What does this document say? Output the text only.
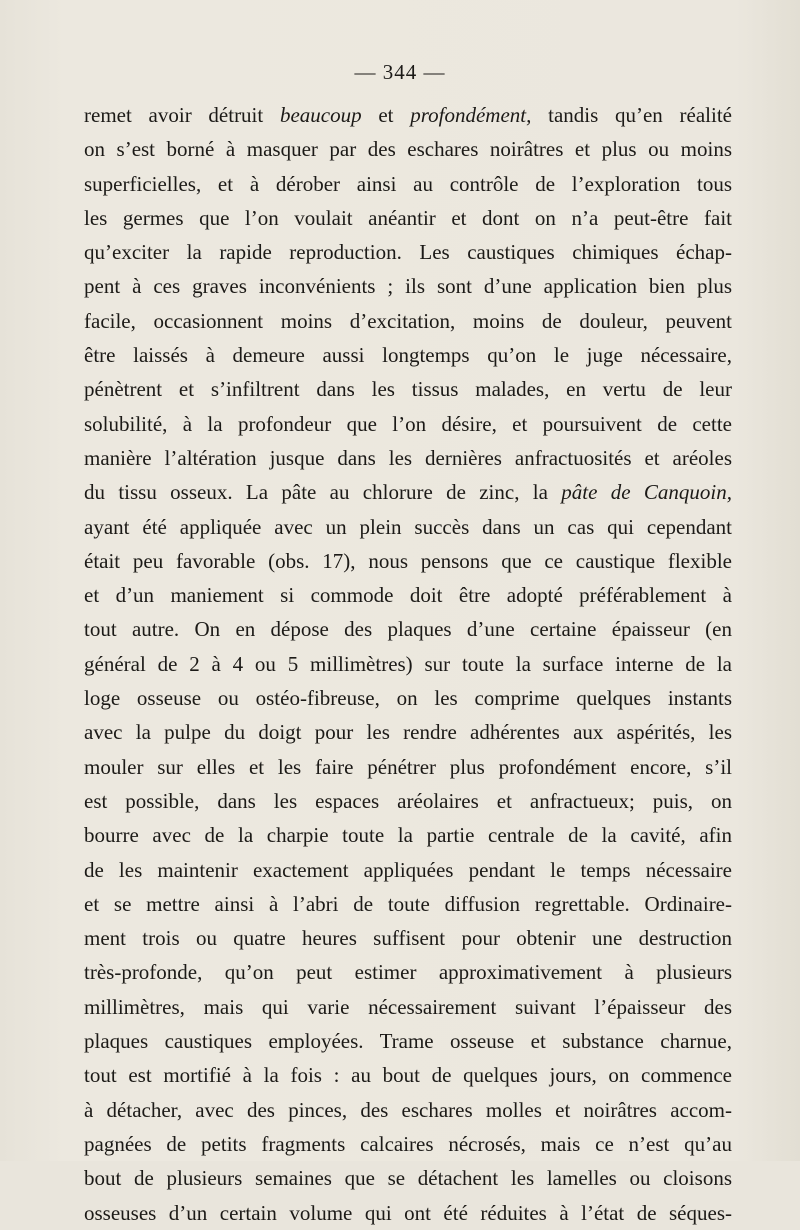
— 344 —
remet avoir détruit beaucoup et profondément, tandis qu’en réalité
on s’est borné à masquer par des eschares noirâtres et plus ou moins
superficielles, et à dérober ainsi au contrôle de l’exploration tous
les germes que l’on voulait anéantir et dont on n’a peut-être fait
qu’exciter la rapide reproduction. Les caustiques chimiques échap-
pent à ces graves inconvénients ; ils sont d’une application bien plus
facile, occasionnent moins d’excitation, moins de douleur, peuvent
être laissés à demeure aussi longtemps qu’on le juge nécessaire,
pénètrent et s’infiltrent dans les tissus malades, en vertu de leur
solubilité, à la profondeur que l’on désire, et poursuivent de cette
manière l’altération jusque dans les dernières anfractuosités et aréoles
du tissu osseux. La pâte au chlorure de zinc, la pâte de Canquoin,
ayant été appliquée avec un plein succès dans un cas qui cependant
était peu favorable (obs. 17), nous pensons que ce caustique flexible
et d’un maniement si commode doit être adopté préférablement à
tout autre. On en dépose des plaques d’une certaine épaisseur (en
général de 2 à 4 ou 5 millimètres) sur toute la surface interne de la
loge osseuse ou ostéo-fibreuse, on les comprime quelques instants
avec la pulpe du doigt pour les rendre adhérentes aux aspérités, les
mouler sur elles et les faire pénétrer plus profondément encore, s’il
est possible, dans les espaces aréolaires et anfractueux; puis, on
bourre avec de la charpie toute la partie centrale de la cavité, afin
de les maintenir exactement appliquées pendant le temps nécessaire
et se mettre ainsi à l’abri de toute diffusion regrettable. Ordinaire-
ment trois ou quatre heures suffisent pour obtenir une destruction
très-profonde, qu’on peut estimer approximativement à plusieurs
millimètres, mais qui varie nécessairement suivant l’épaisseur des
plaques caustiques employées. Trame osseuse et substance charnue,
tout est mortifié à la fois : au bout de quelques jours, on commence
à détacher, avec des pinces, des eschares molles et noirâtres accom-
pagnées de petits fragments calcaires nécrosés, mais ce n’est qu’au
bout de plusieurs semaines que se détachent les lamelles ou cloisons
osseuses d’un certain volume qui ont été réduites à l’état de séques-
